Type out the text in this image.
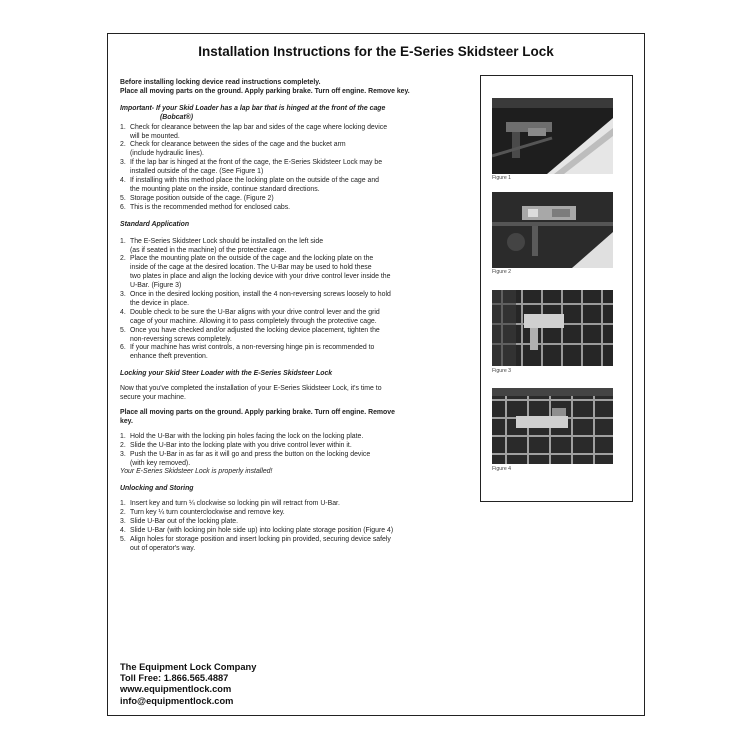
Installation Instructions for the E-Series Skidsteer Lock
Before installing locking device read instructions completely.
Place all moving parts on the ground. Apply parking brake. Turn off engine. Remove key.
Important- If your Skid Loader has a lap bar that is hinged at the front of the cage
(Bobcat®)
1. Check for clearance between the lap bar and sides of the cage where locking device
will be mounted.
2. Check for clearance between the sides of the cage and the bucket arm
(include hydraulic lines).
3. If the lap bar is hinged at the front of the cage, the E-Series Skidsteer Lock may be
installed outside of the cage. (See Figure 1)
4. If installing with this method place the locking plate on the outside of the cage and
the mounting plate on the inside, continue standard directions.
5. Storage position outside of the cage. (Figure 2)
6. This is the recommended method for enclosed cabs.
Standard Application
1. The E-Series Skidsteer Lock should be installed on the left side
(as if seated in the machine) of the protective cage.
2. Place the mounting plate on the outside of the cage and the locking plate on the
inside of the cage at the desired location. The U-Bar may be used to hold these
two plates in place and align the locking device with your drive control lever inside the
U-Bar. (Figure 3)
3. Once in the desired locking position, install the 4 non-reversing screws loosely to hold
the device in place.
4. Double check to be sure the U-Bar aligns with your drive control lever and the grid
cage of your machine. Allowing it to pass completely through the protective cage.
5. Once you have checked and/or adjusted the locking device placement, tighten the
non-reversing screws completely.
6. If your machine has wrist controls, a non-reversing hinge pin is recommended to
enhance theft prevention.
Locking your Skid Steer Loader with the E-Series Skidsteer Lock
Now that you've completed the installation of your E-Series Skidsteer Lock, it's time to
secure your machine.
Place all moving parts on the ground. Apply parking brake. Turn off engine. Remove
key.
1. Hold the U-Bar with the locking pin holes facing the lock on the locking plate.
2. Slide the U-Bar into the locking plate with you drive control lever within it.
3. Push the U-Bar in as far as it will go and press the button on the locking device
(with key removed).
Your E-Series Skidsteer Lock is properly installed!
Unlocking and Storing
1. Insert key and turn ¼ clockwise so locking pin will retract from U-Bar.
2. Turn key ¼ turn counterclockwise and remove key.
3. Slide U-Bar out of the locking plate.
4. Slide U-Bar (with locking pin hole side up) into locking plate storage position (Figure 4)
5. Align holes for storage position and insert locking pin provided, securing device safely
out of operator's way.
The Equipment Lock Company
Toll Free: 1.866.565.4887
www.equipmentlock.com
info@equipmentlock.com
Figure 1
Figure 2
Figure 3
Figure 4
